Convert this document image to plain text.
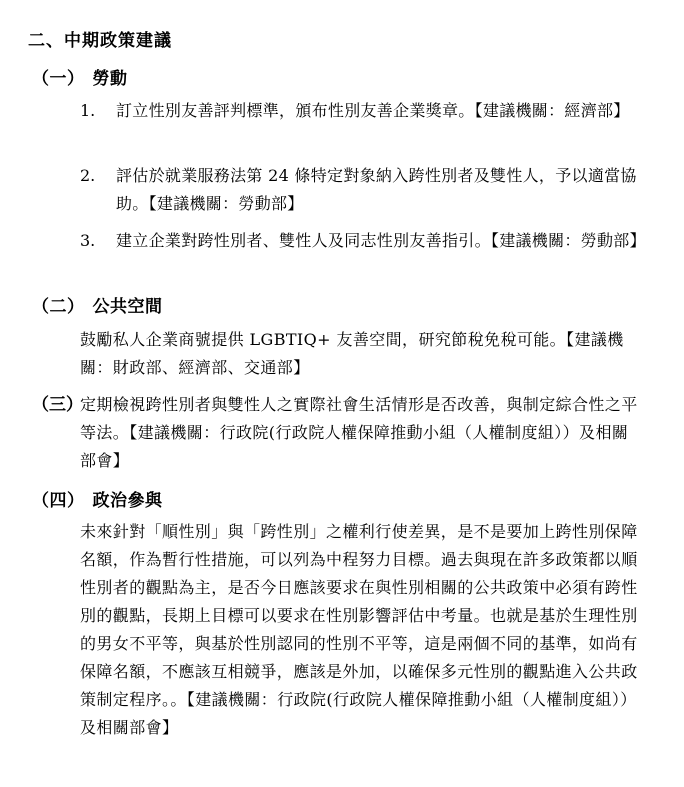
二、中期政策建議
（一） 勞動
1.	訂立性別友善評判標準，頒布性別友善企業獎章。【建議機關：經濟部】
2.	評估於就業服務法第 24 條特定對象納入跨性別者及雙性人，予以適當協助。【建議機關：勞動部】
3.	建立企業對跨性別者、雙性人及同志性別友善指引。【建議機關：勞動部】
（二） 公共空間
鼓勵私人企業商號提供 LGBTIQ+ 友善空間，研究節稅免稅可能。【建議機關：財政部、經濟部、交通部】
（三）
定期檢視跨性別者與雙性人之實際社會生活情形是否改善，與制定綜合性之平等法。【建議機關：行政院(行政院人權保障推動小組（人權制度組））及相關部會】
（四） 政治參與
未來針對「順性別」與「跨性別」之權利行使差異，是不是要加上跨性別保障名額，作為暫行性措施，可以列為中程努力目標。過去與現在許多政策都以順性別者的觀點為主，是否今日應該要求在與性別相關的公共政策中必須有跨性別的觀點，長期上目標可以要求在性別影響評估中考量。也就是基於生理性別的男女不平等，與基於性別認同的性別不平等，這是兩個不同的基準，如尚有保障名額，不應該互相競爭，應該是外加，以確保多元性別的觀點進入公共政策制定程序。。【建議機關：行政院(行政院人權保障推動小組（人權制度組））及相關部會】
